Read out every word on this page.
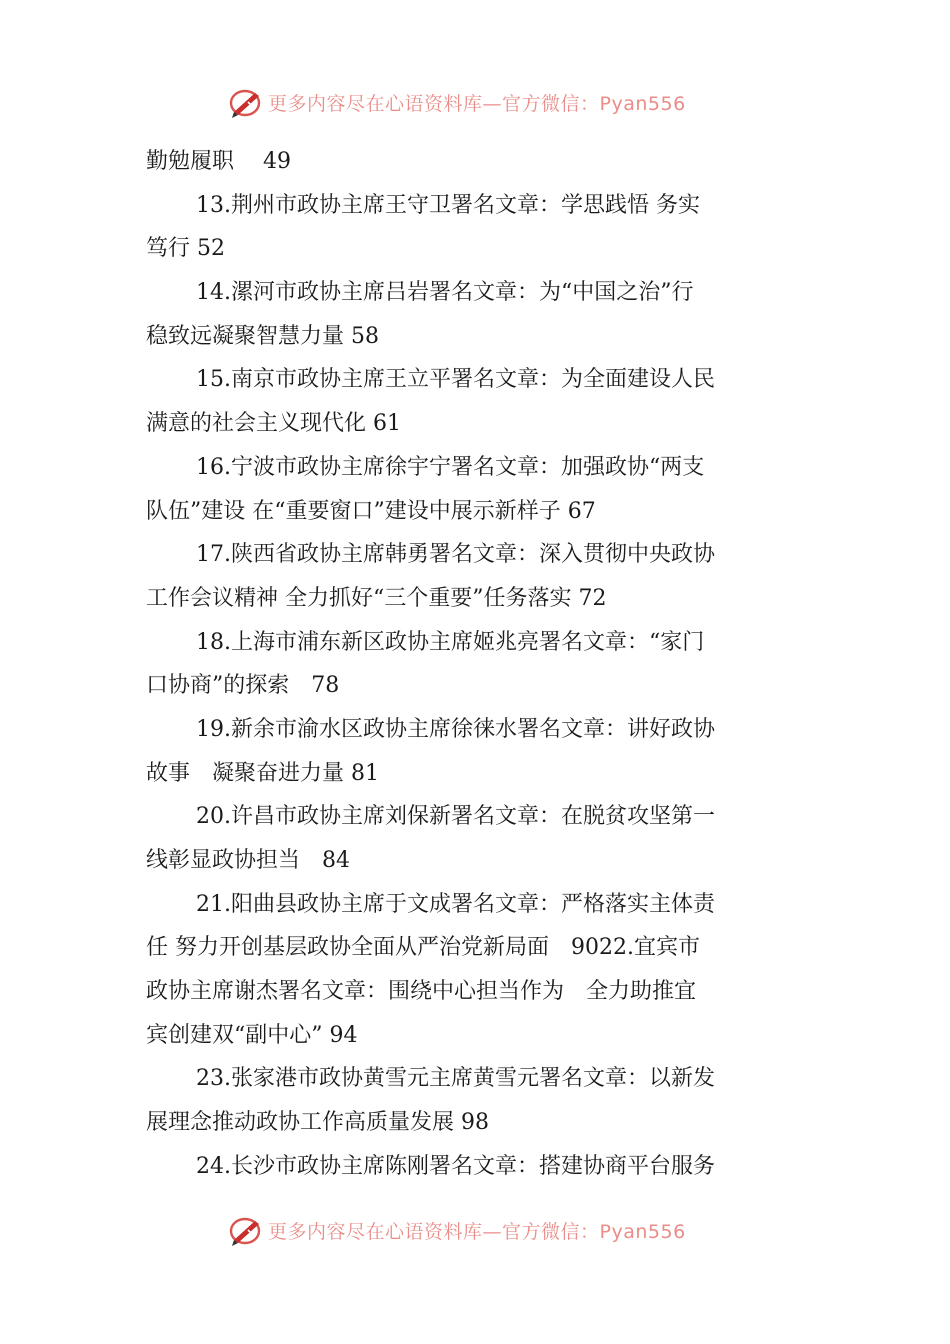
更多内容尽在心语资料库—官方微信：Pyan556
勤勉履职　 49
13.荆州市政协主席王守卫署名文章：学思践悟 务实
笃行 52
14.漯河市政协主席吕岩署名文章：为“中国之治”行
稳致远凝聚智慧力量 58
15.南京市政协主席王立平署名文章：为全面建设人民
满意的社会主义现代化 61
16.宁波市政协主席徐宇宁署名文章：加强政协“两支
队伍”建设 在“重要窗口”建设中展示新样子 67
17.陕西省政协主席韩勇署名文章：深入贯彻中央政协
工作会议精神 全力抓好“三个重要”任务落实 72
18.上海市浦东新区政协主席姬兆亮署名文章：“家门
口协商”的探索　78
19.新余市渝水区政协主席徐徕水署名文章：讲好政协
故事　凝聚奋进力量 81
20.许昌市政协主席刘保新署名文章：在脱贫攻坚第一
线彰显政协担当　84
21.阳曲县政协主席于文成署名文章：严格落实主体责
任 努力开创基层政协全面从严治党新局面　9022.宜宾市
政协主席谢杰署名文章：围绕中心担当作为　全力助推宜
宾创建双“副中心” 94
23.张家港市政协黄雪元主席黄雪元署名文章：以新发
展理念推动政协工作高质量发展 98
24.长沙市政协主席陈刚署名文章：搭建协商平台服务
更多内容尽在心语资料库—官方微信：Pyan556
